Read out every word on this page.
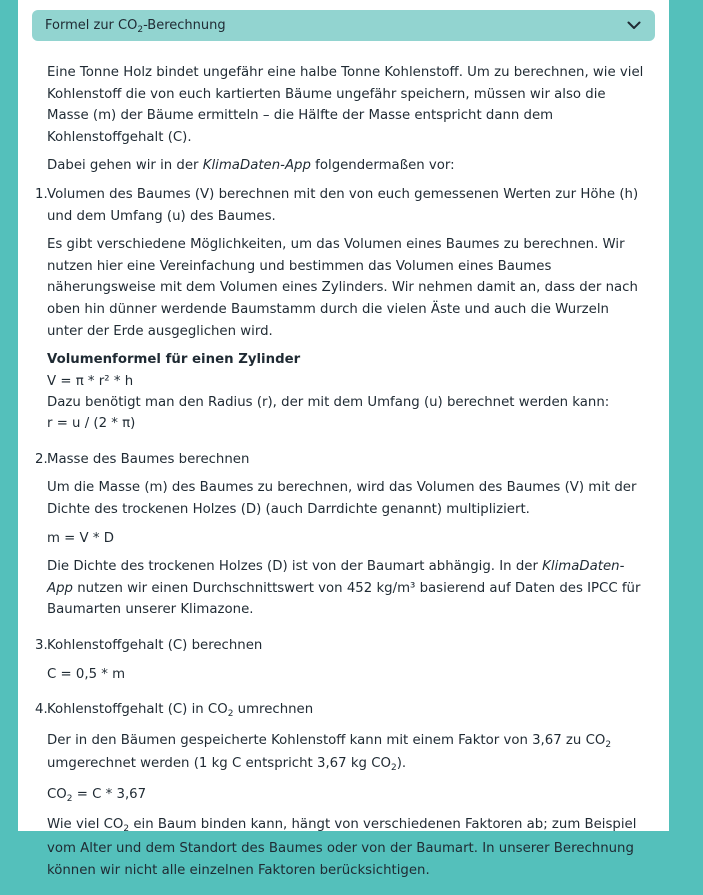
Formel zur $CO_2$-Berechnung

Eine Tonne Holz bindet ungefähr eine halbe Tonne Kohlenstoff. Um zu berechnen, wie viel Kohlenstoff die von euch kartierten Bäume ungefähr speichern, müssen wir also die Masse (m) der Bäume ermitteln – die Hälfte der Masse entspricht dann dem Kohlenstoffgehalt (C).

Dabei gehen wir in der KlimaDaten-App folgendermaßen vor:

1. Volumen des Baumes (V) berechnen mit den von euch gemessenen Werten zur Höhe (h) und dem Umfang (u) des Baumes.

Es gibt verschiedene Möglichkeiten, um das Volumen eines Baumes zu berechnen. Wir nutzen hier eine Vereinfachung und bestimmen das Volumen eines Baumes näherungsweise mit dem Volumen eines Zylinders. Wir nehmen damit an, dass der nach oben hin dünner werdende Baumstamm durch die vielen Äste und auch die Wurzeln unter der Erde ausgeglichen wird.

Volumenformel für einen Zylinder
V = π * r² * h
Dazu benötigt man den Radius (r), der mit dem Umfang (u) berechnet werden kann:
r = u / (2 * π)
2. Masse des Baumes berechnen

Um die Masse (m) des Baumes zu berechnen, wird das Volumen des Baumes (V) mit der Dichte des trockenen Holzes (D) (auch Darrdichte genannt) multipliziert.

m = V * D

Die Dichte des trockenen Holzes (D) ist von der Baumart abhängig. In der KlimaDaten-App nutzen wir einen Durchschnittswert von 452 kg/m³ basierend auf Daten des IPCC für Baumarten unserer Klimazone.

3. Kohlenstoffgehalt (C) berechnen

C = 0,5 * m

4. Kohlenstoffgehalt (C) in $CO_2$ umrechnen

Der in den Bäumen gespeicherte Kohlenstoff kann mit einem Faktor von 3,67 zu $CO_2$ umgerechnet werden (1 kg C entspricht 3,67 kg $CO_2$).

$CO_2 = C * 3,67$

Wie viel $CO_2$ ein Baum binden kann, hängt von verschiedenen Faktoren ab; zum Beispiel vom Alter und dem Standort des Baumes oder von der Baumart. In unserer Berechnung können wir nicht alle einzelnen Faktoren berücksichtigen.
